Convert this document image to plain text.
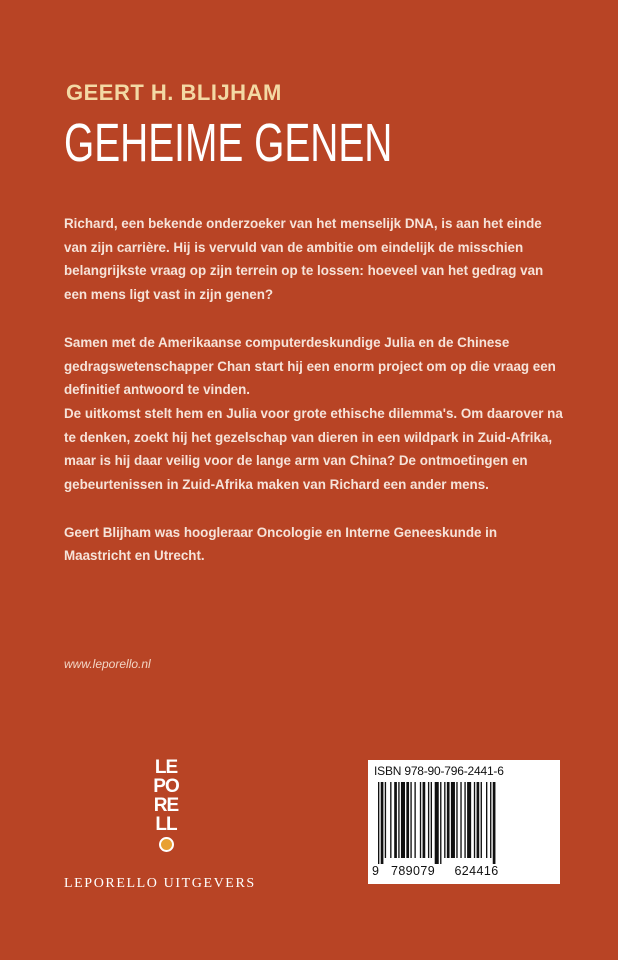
GEERT H. BLIJHAM
GEHEIME GENEN

Richard, een bekende onderzoeker van het menselijk DNA, is aan het einde van zijn carrière. Hij is vervuld van de ambitie om eindelijk de misschien belangrijkste vraag op zijn terrein op te lossen: hoeveel van het gedrag van een mens ligt vast in zijn genen?

Samen met de Amerikaanse computerdeskundige Julia en de Chinese gedragswetenschapper Chan start hij een enorm project om op die vraag een definitief antwoord te vinden.

De uitkomst stelt hem en Julia voor grote ethische dilemma's. Om daarover na te denken, zoekt hij het gezelschap van dieren in een wildpark in Zuid-Afrika, maar is hij daar veilig voor de lange arm van China? De ontmoetingen en gebeurtenissen in Zuid-Afrika maken van Richard een ander mens.

Geert Blijham was hoogleraar Oncologie en Interne Geneeskunde in Maastricht en Utrecht.

www.leporello.nl
LE
PO
RE
LL
LEPORELLO UITGEVERS
ISBN 978-90-796-2441-6
9   789079     624416
